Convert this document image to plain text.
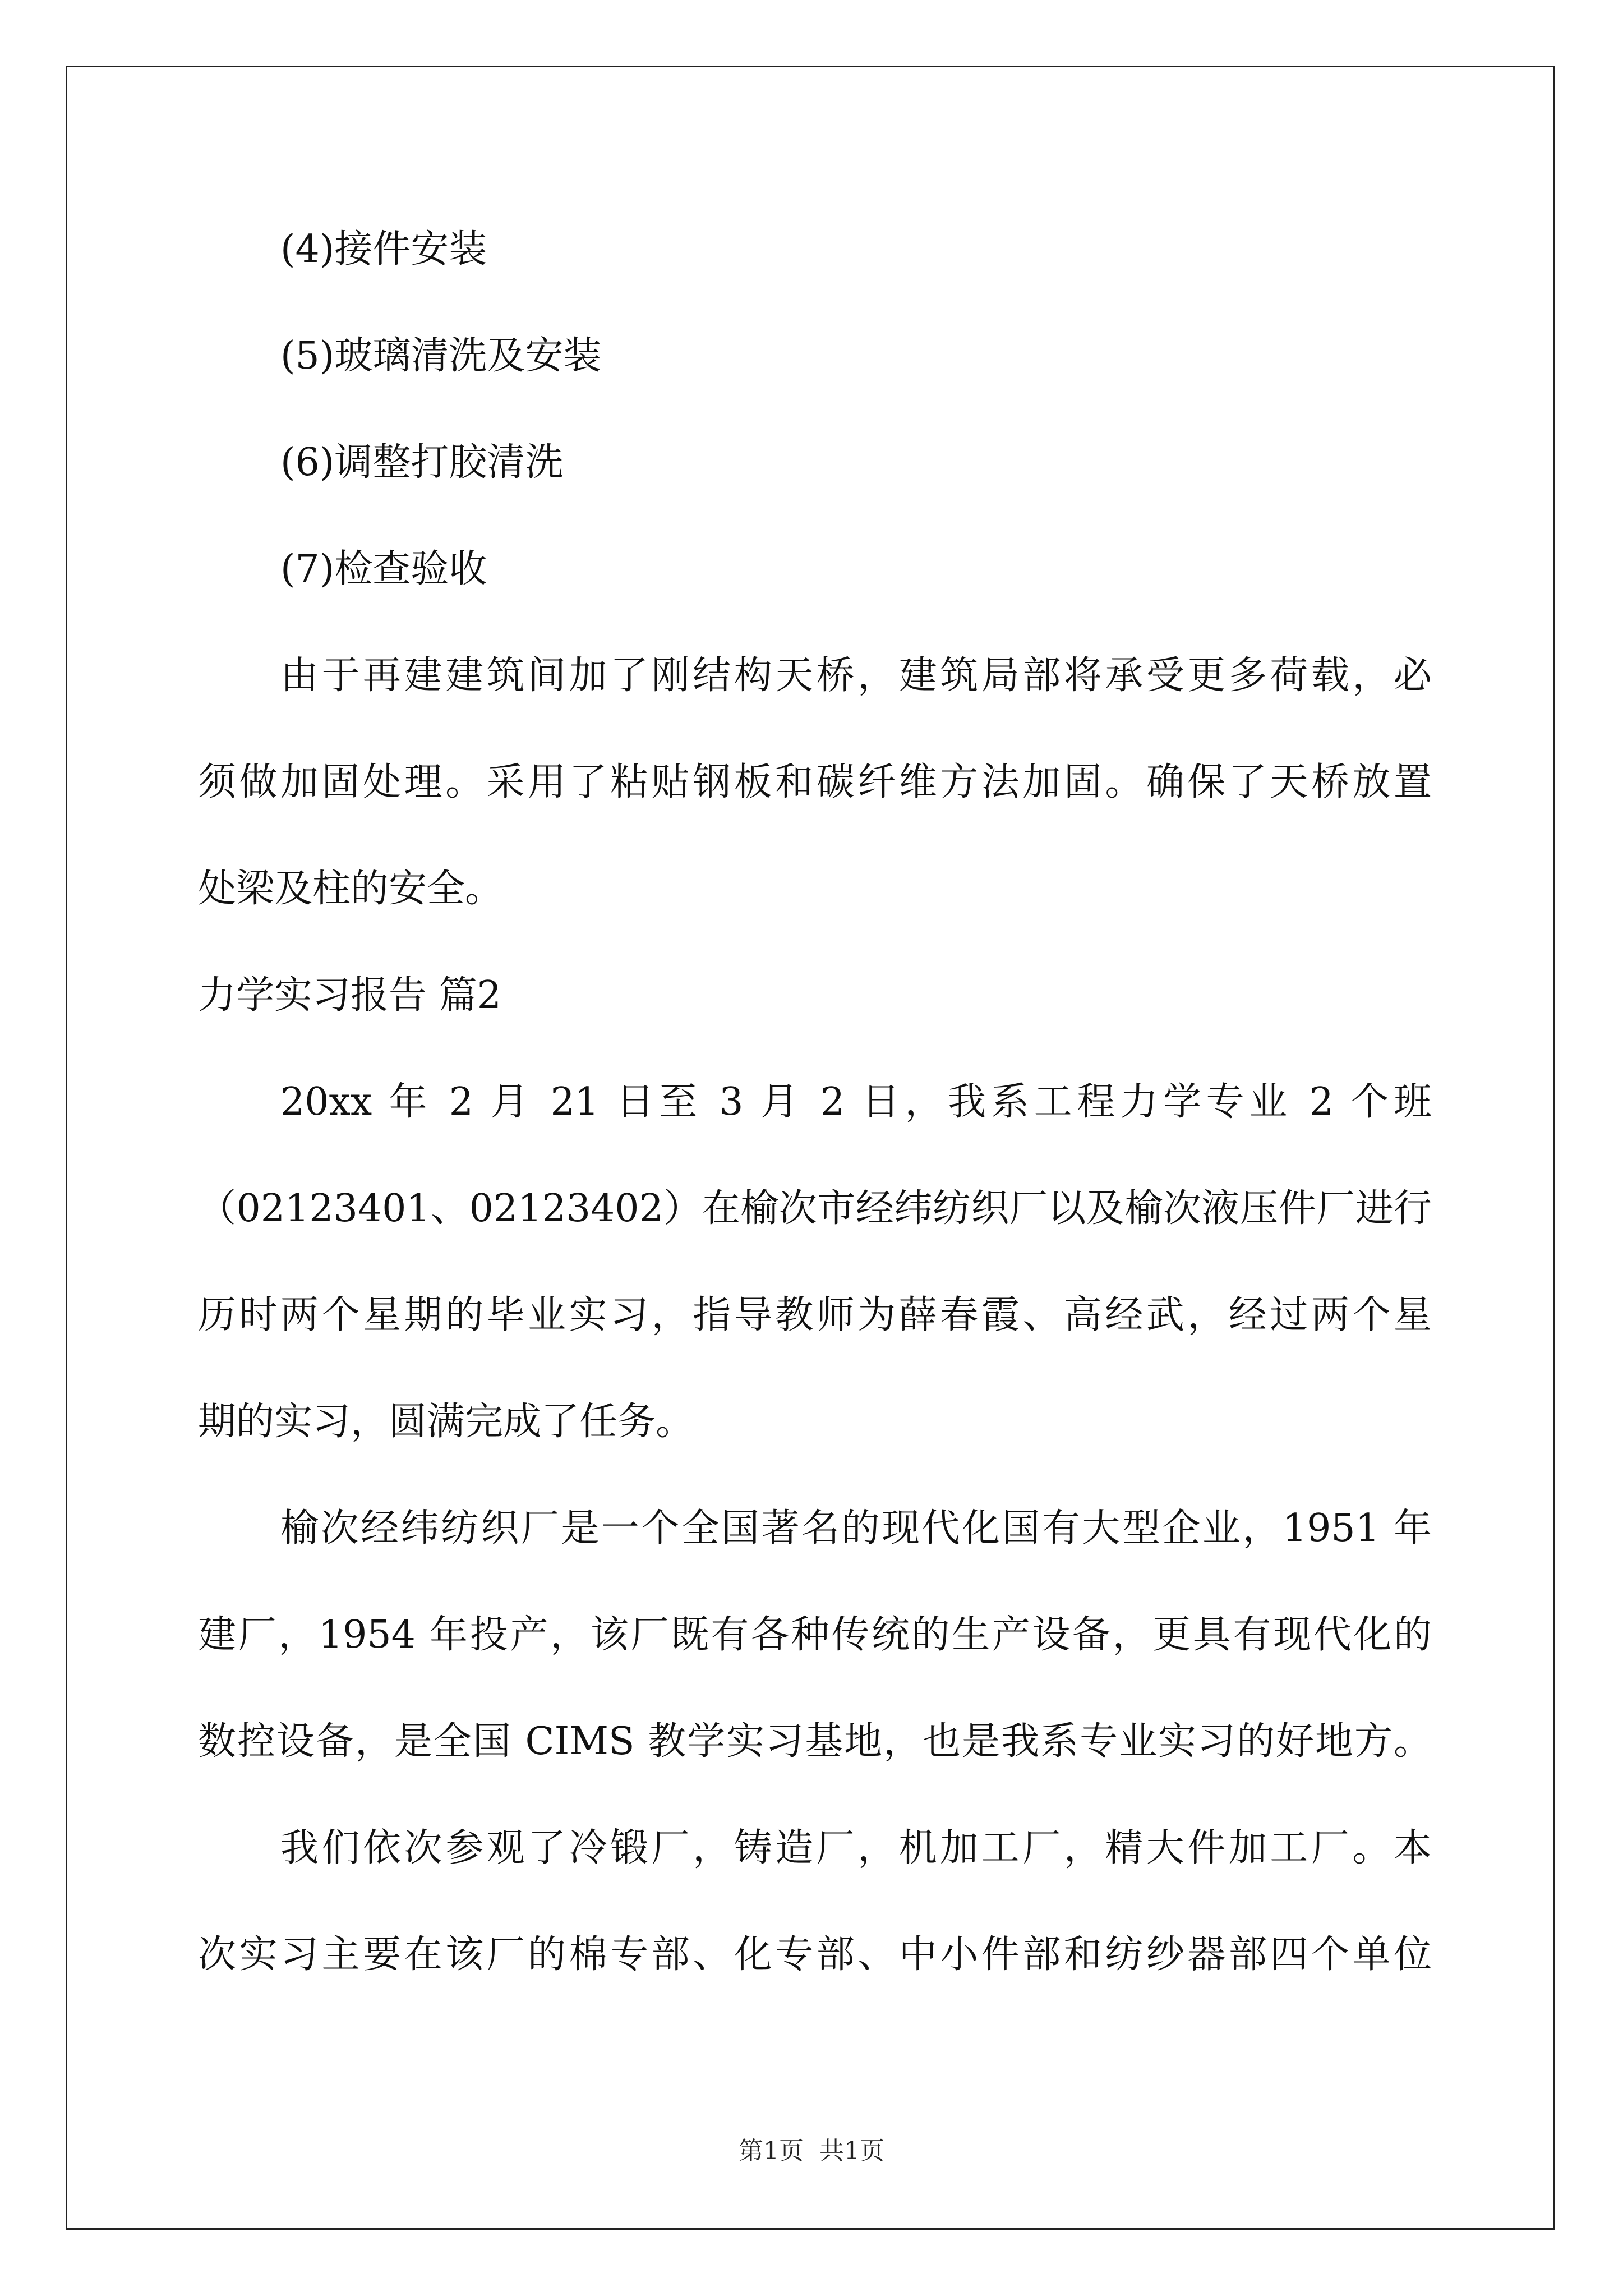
(4)接件安装
(5)玻璃清洗及安装
(6)调整打胶清洗
(7)检查验收
由于再建建筑间加了刚结构天桥，建筑局部将承受更多荷载，必
须做加固处理。采用了粘贴钢板和碳纤维方法加固。确保了天桥放置
处梁及柱的安全。
力学实习报告 篇2
20xx 年 2 月 21 日至 3 月 2 日，我系工程力学专业 2 个班
（02123401、02123402）在榆次市经纬纺织厂以及榆次液压件厂进行
历时两个星期的毕业实习，指导教师为薛春霞、高经武，经过两个星
期的实习，圆满完成了任务。
榆次经纬纺织厂是一个全国著名的现代化国有大型企业，1951 年
建厂，1954 年投产，该厂既有各种传统的生产设备，更具有现代化的
数控设备，是全国 CIMS 教学实习基地，也是我系专业实习的好地方。
我们依次参观了冷锻厂，铸造厂，机加工厂，精大件加工厂。本
次实习主要在该厂的棉专部、化专部、中小件部和纺纱器部四个单位
第1页 共1页
